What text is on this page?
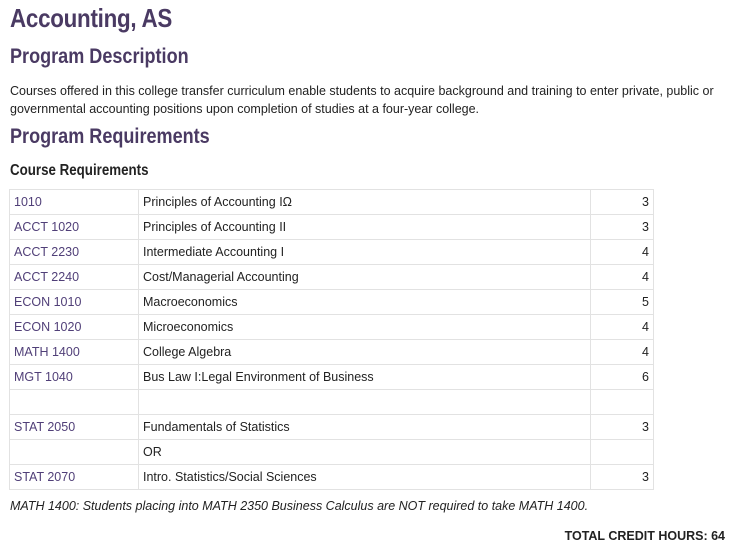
Accounting, AS
Program Description

Courses offered in this college transfer curriculum enable students to acquire background and training to enter private, public or governmental accounting positions upon completion of studies at a four-year college.

Program Requirements
Course Requirements
1010	Principles of Accounting IΩ	3
ACCT 1020	Principles of Accounting II	3
ACCT 2230	Intermediate Accounting I	4
ACCT 2240	Cost/Managerial Accounting	4
ECON 1010	Macroeconomics	5
ECON 1020	Microeconomics	4
MATH 1400	College Algebra	4
MGT 1040	Bus Law I:Legal Environment of Business	6

STAT 2050	Fundamentals of Statistics	3
	OR	
STAT 2070	Intro. Statistics/Social Sciences	3

MATH 1400: Students placing into MATH 2350 Business Calculus are NOT required to take MATH 1400.

TOTAL CREDIT HOURS: 64
